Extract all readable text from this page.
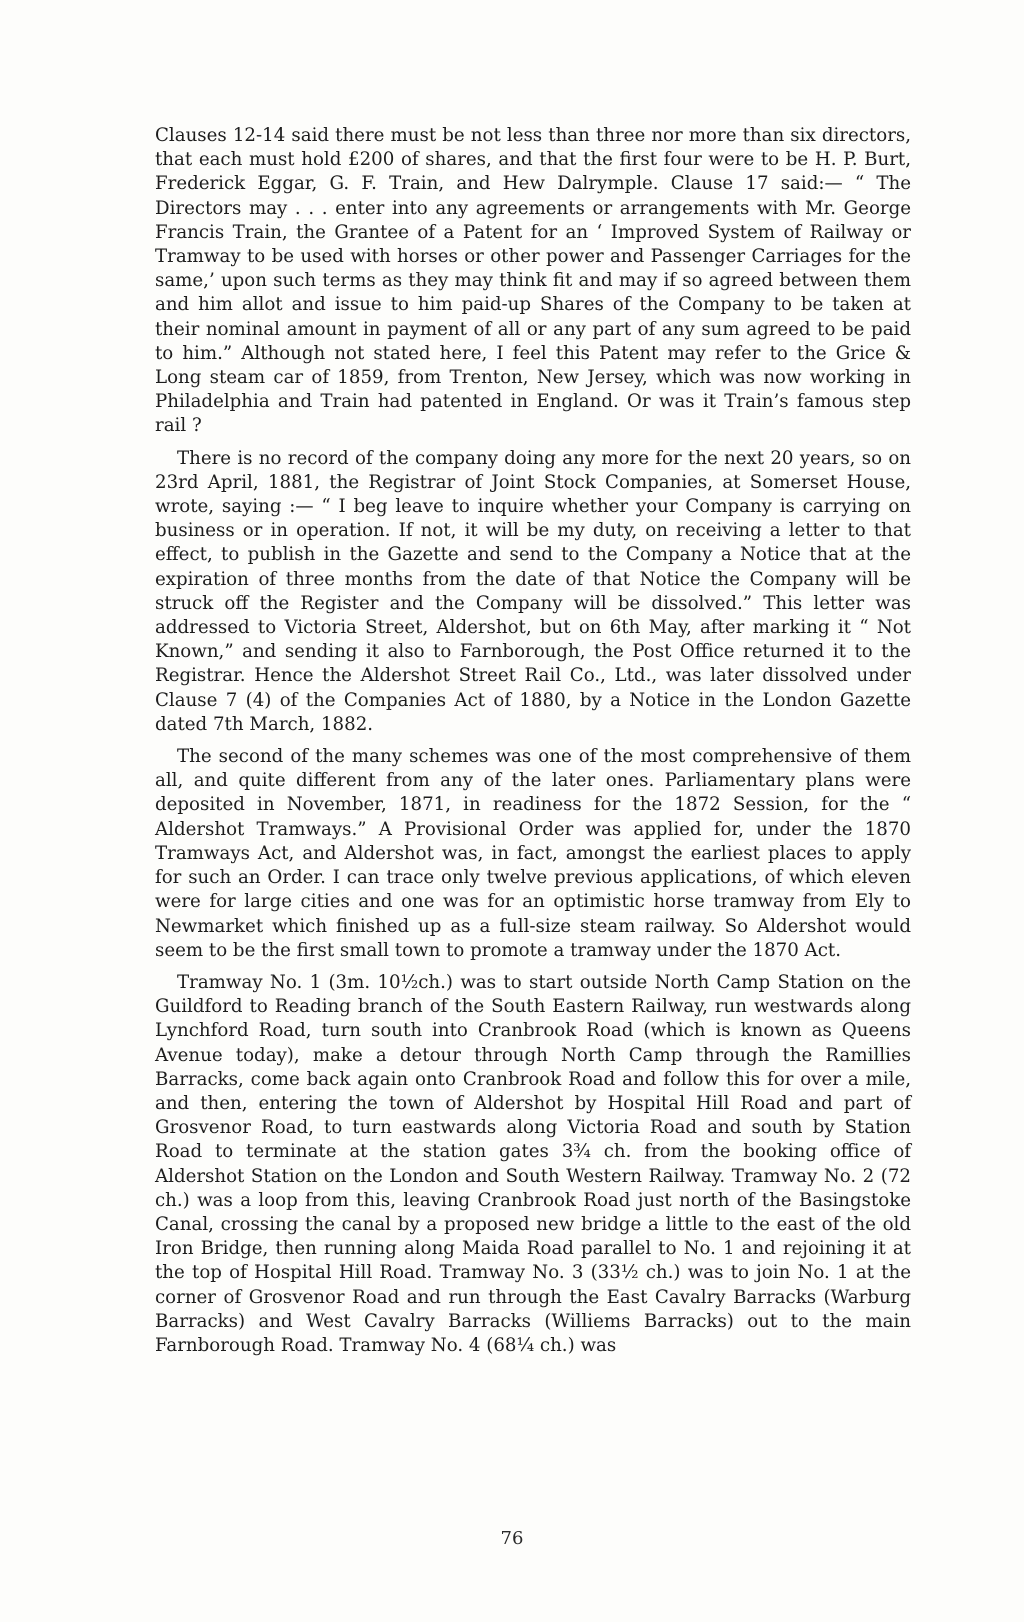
Clauses 12-14 said there must be not less than three nor more than six directors, that each must hold £200 of shares, and that the first four were to be H. P. Burt, Frederick Eggar, G. F. Train, and Hew Dalrymple. Clause 17 said:— “ The Directors may . . . enter into any agreements or arrangements with Mr. George Francis Train, the Grantee of a Patent for an ‘ Improved System of Railway or Tramway to be used with horses or other power and Passenger Carriages for the same,’ upon such terms as they may think fit and may if so agreed between them and him allot and issue to him paid-up Shares of the Company to be taken at their nominal amount in payment of all or any part of any sum agreed to be paid to him.” Although not stated here, I feel this Patent may refer to the Grice & Long steam car of 1859, from Trenton, New Jersey, which was now working in Philadelphia and Train had patented in England. Or was it Train’s famous step rail ?

There is no record of the company doing any more for the next 20 years, so on 23rd April, 1881, the Registrar of Joint Stock Companies, at Somerset House, wrote, saying :— “ I beg leave to inquire whether your Company is carrying on business or in operation. If not, it will be my duty, on receiving a letter to that effect, to publish in the Gazette and send to the Company a Notice that at the expiration of three months from the date of that Notice the Company will be struck off the Register and the Company will be dissolved.” This letter was addressed to Victoria Street, Aldershot, but on 6th May, after marking it “ Not Known,” and sending it also to Farnborough, the Post Office returned it to the Registrar. Hence the Aldershot Street Rail Co., Ltd., was later dissolved under Clause 7 (4) of the Companies Act of 1880, by a Notice in the London Gazette dated 7th March, 1882.

The second of the many schemes was one of the most comprehensive of them all, and quite different from any of the later ones. Parliamentary plans were deposited in November, 1871, in readiness for the 1872 Session, for the “ Aldershot Tramways.” A Provisional Order was applied for, under the 1870 Tramways Act, and Aldershot was, in fact, amongst the earliest places to apply for such an Order. I can trace only twelve previous applications, of which eleven were for large cities and one was for an optimistic horse tramway from Ely to Newmarket which finished up as a full-size steam railway. So Aldershot would seem to be the first small town to promote a tramway under the 1870 Act.

Tramway No. 1 (3m. 10½ch.) was to start outside North Camp Station on the Guildford to Reading branch of the South Eastern Railway, run westwards along Lynchford Road, turn south into Cranbrook Road (which is known as Queens Avenue today), make a detour through North Camp through the Ramillies Barracks, come back again onto Cranbrook Road and follow this for over a mile, and then, entering the town of Aldershot by Hospital Hill Road and part of Grosvenor Road, to turn eastwards along Victoria Road and south by Station Road to terminate at the station gates 3¾ ch. from the booking office of Aldershot Station on the London and South Western Railway. Tramway No. 2 (72 ch.) was a loop from this, leaving Cranbrook Road just north of the Basingstoke Canal, crossing the canal by a proposed new bridge a little to the east of the old Iron Bridge, then running along Maida Road parallel to No. 1 and rejoining it at the top of Hospital Hill Road. Tramway No. 3 (33½ ch.) was to join No. 1 at the corner of Grosvenor Road and run through the East Cavalry Barracks (Warburg Barracks) and West Cavalry Barracks (Williems Barracks) out to the main Farnborough Road. Tramway No. 4 (68¼ ch.) was

76
